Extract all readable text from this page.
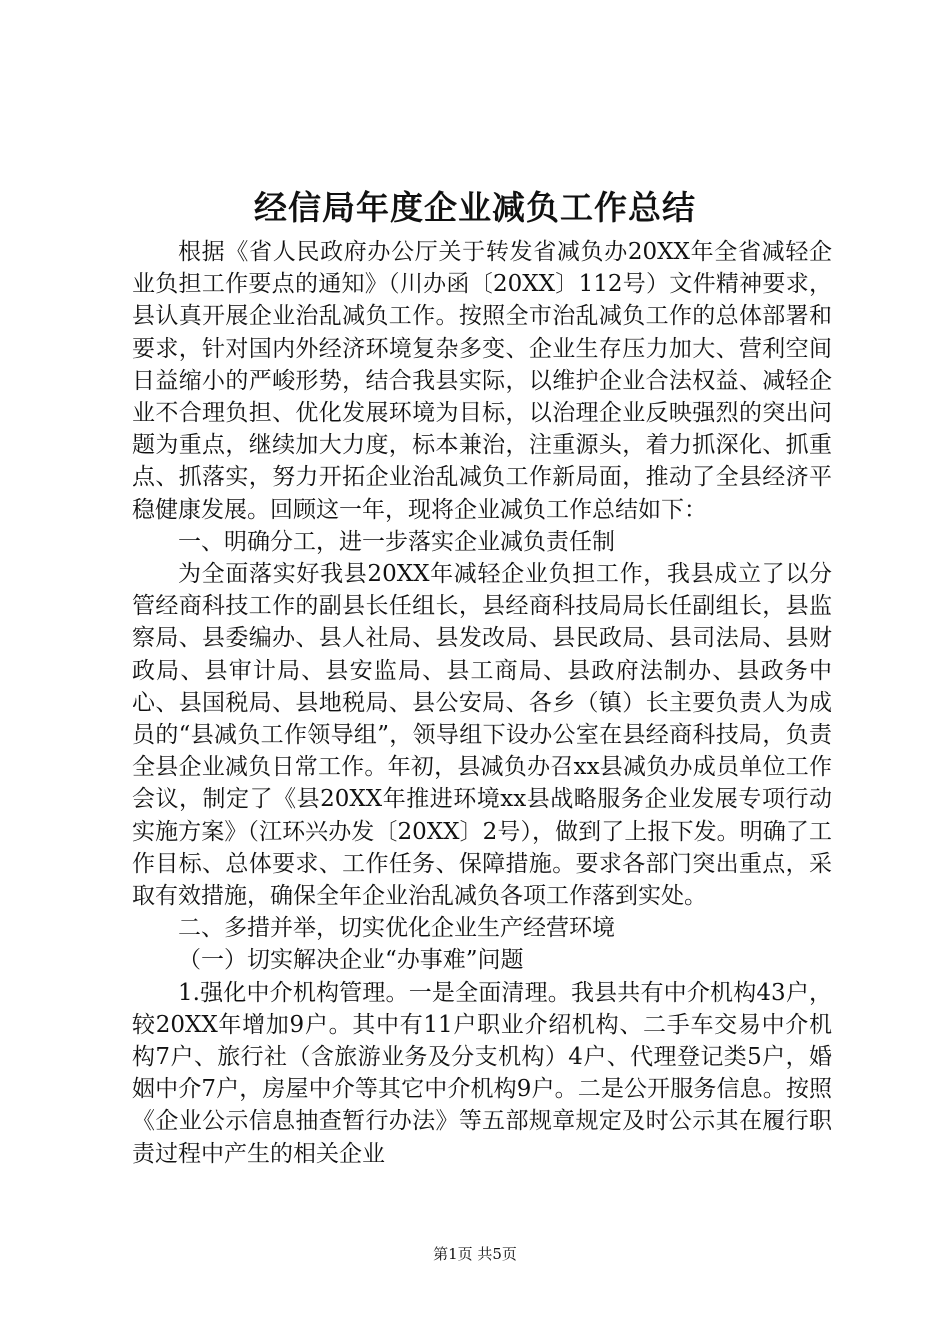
经信局年度企业减负工作总结

根据《省人民政府办公厅关于转发省减负办20XX年全省减轻企业负担工作要点的通知》（川办函〔20XX〕112号）文件精神要求，县认真开展企业治乱减负工作。按照全市治乱减负工作的总体部署和要求，针对国内外经济环境复杂多变、企业生存压力加大、营利空间日益缩小的严峻形势，结合我县实际，以维护企业合法权益、减轻企业不合理负担、优化发展环境为目标，以治理企业反映强烈的突出问题为重点，继续加大力度，标本兼治，注重源头，着力抓深化、抓重点、抓落实，努力开拓企业治乱减负工作新局面，推动了全县经济平稳健康发展。回顾这一年，现将企业减负工作总结如下：

一、明确分工，进一步落实企业减负责任制

为全面落实好我县20XX年减轻企业负担工作，我县成立了以分管经商科技工作的副县长任组长，县经商科技局局长任副组长，县监察局、县委编办、县人社局、县发改局、县民政局、县司法局、县财政局、县审计局、县安监局、县工商局、县政府法制办、县政务中心、县国税局、县地税局、县公安局、各乡（镇）长主要负责人为成员的“县减负工作领导组”，领导组下设办公室在县经商科技局，负责全县企业减负日常工作。年初，县减负办召xx县减负办成员单位工作会议，制定了《县20XX年推进环境xx县战略服务企业发展专项行动实施方案》（江环兴办发〔20XX〕2号），做到了上报下发。明确了工作目标、总体要求、工作任务、保障措施。要求各部门突出重点，采取有效措施，确保全年企业治乱减负各项工作落到实处。

二、多措并举，切实优化企业生产经营环境

（一）切实解决企业“办事难”问题

1.强化中介机构管理。一是全面清理。我县共有中介机构43户，较20XX年增加9户。其中有11户职业介绍机构、二手车交易中介机构7户、旅行社（含旅游业务及分支机构）4户、代理登记类5户，婚姻中介7户，房屋中介等其它中介机构9户。二是公开服务信息。按照《企业公示信息抽查暂行办法》等五部规章规定及时公示其在履行职责过程中产生的相关企业

第1页 共5页
